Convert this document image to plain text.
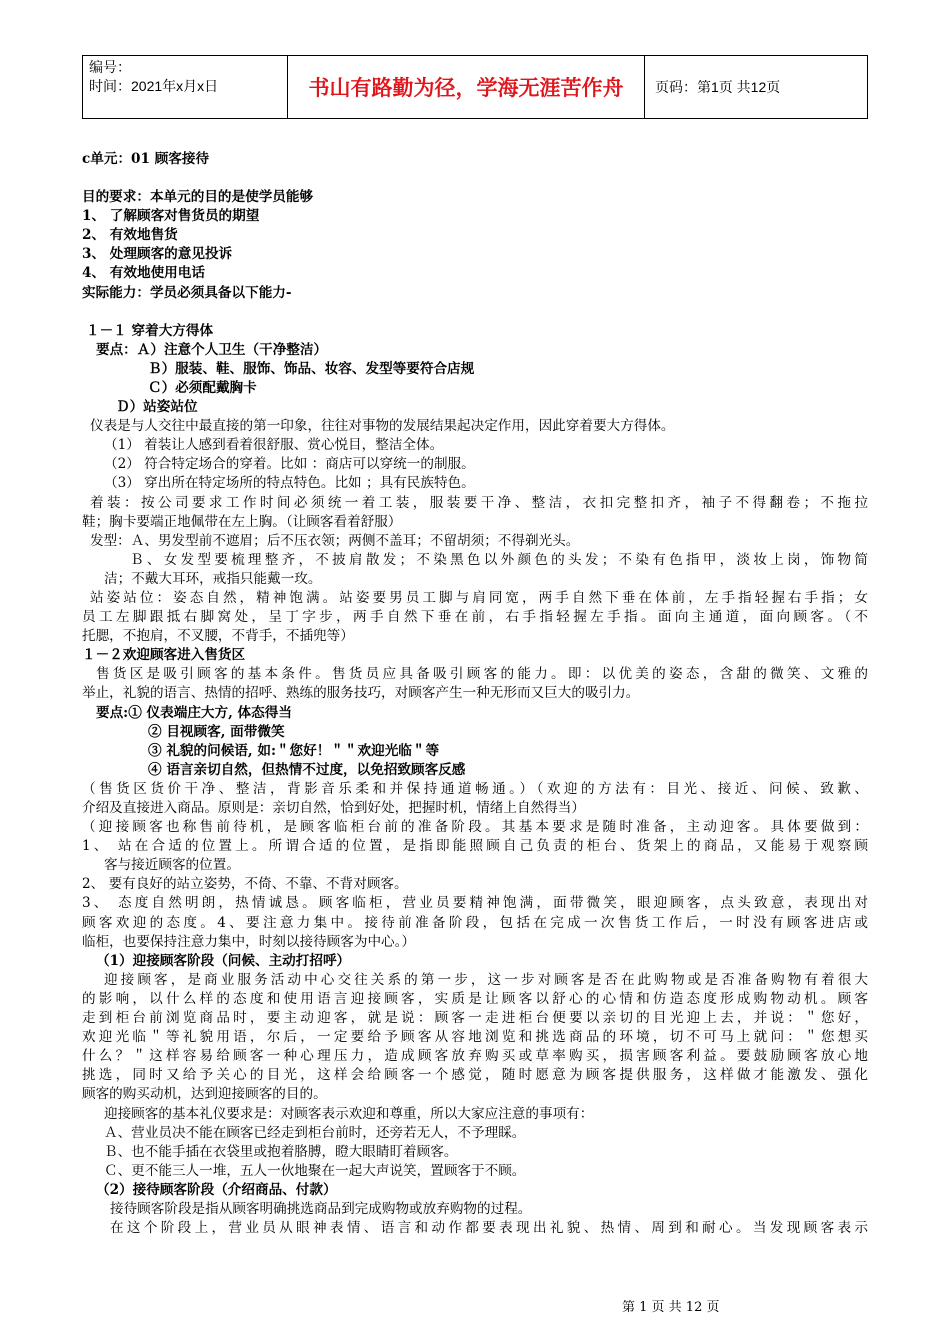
编号：
时间：2021年x月x日	书山有路勤为径，学海无涯苦作舟	页码：第1页 共12页
c单元：01 顾客接待
目的要求：本单元的目的是使学员能够
1、 了解顾客对售货员的期望
2、 有效地售货
3、 处理顾客的意见投诉
4、 有效地使用电话
实际能力：学员必须具备以下能力-
１－１ 穿着大方得体
要点：Ａ）注意个人卫生（干净整洁）
Ｂ）服装、鞋、服饰、饰品、妆容、发型等要符合店规
Ｃ）必须配戴胸卡
Ｄ）站姿站位
仪表是与人交往中最直接的第一印象，往往对事物的发展结果起决定作用，因此穿着要大方得体。
（1） 着装让人感到看着很舒服、赏心悦目，整洁全体。
（2） 符合特定场合的穿着。比如 ：商店可以穿统一的制服。
（3） 穿出所在特定场所的特点特色。比如 ；具有民族特色。
着装：按公司要求工作时间必须统一着工装，服装要干净、整洁，衣扣完整扣齐，袖子不得翻卷；不拖拉
鞋；胸卡要端正地佩带在左上胸。（让顾客看着舒服）
发型：Ａ、男发型前不遮眉；后不压衣领；两侧不盖耳；不留胡须；不得剃光头。
Ｂ、女发型要梳理整齐，不披肩散发；不染黑色以外颜色的头发；不染有色指甲，淡妆上岗，饰物简
洁；不戴大耳环，戒指只能戴一玫。
站姿站位：姿态自然，精神饱满。站姿要男员工脚与肩同宽，两手自然下垂在体前，左手指轻握右手指；女
员工左脚跟抵右脚窝处，呈丁字步，两手自然下垂在前，右手指轻握左手指。面向主通道，面向顾客。（不
托腮，不抱肩，不叉腰，不背手，不插兜等）
１－２欢迎顾客进入售货区
售货区是吸引顾客的基本条件。售货员应具备吸引顾客的能力。即：以优美的姿态，含甜的微笑、文雅的
举止，礼貌的语言、热情的招呼、熟练的服务技巧，对顾客产生一种无形而又巨大的吸引力。
要点:① 仪表端庄大方, 体态得当
② 目视顾客, 面带微笑
③ 礼貌的问候语, 如:＂您好！＂＂欢迎光临＂等
④ 语言亲切自然，但热情不过度，以免招致顾客反感
（售货区货价干净、整洁，背影音乐柔和并保持通道畅通。）（欢迎的方法有：目光、接近、问候、致歉、
介绍及直接进入商品。原则是：亲切自然，恰到好处，把握时机，情绪上自然得当）
（迎接顾客也称售前待机，是顾客临柜台前的准备阶段。其基本要求是随时准备，主动迎客。具体要做到：
1、 站在合适的位置上。所谓合适的位置，是指即能照顾自己负责的柜台、货架上的商品，又能易于观察顾
客与接近顾客的位置。
2、 要有良好的站立姿势，不倚、不靠、不背对顾客。
3、 态度自然明朗，热情诚恳。顾客临柜，营业员要精神饱满，面带微笑，眼迎顾客，点头致意，表现出对
顾客欢迎的态度。4、要注意力集中。接待前准备阶段，包括在完成一次售货工作后，一时没有顾客进店或
临柜，也要保持注意力集中，时刻以接待顾客为中心。）
（1）迎接顾客阶段（问候、主动打招呼）
迎接顾客，是商业服务活动中心交往关系的第一步，这一步对顾客是否在此购物或是否准备购物有着很大
的影响，以什么样的态度和使用语言迎接顾客，实质是让顾客以舒心的心情和仿造态度形成购物动机。顾客
走到柜台前浏览商品时，要主动迎客，就是说：顾客一走进柜台便要以亲切的目光迎上去，并说：＂您好，
欢迎光临＂等礼貌用语，尔后，一定要给予顾客从容地浏览和挑选商品的环境，切不可马上就问：＂您想买
什么？＂这样容易给顾客一种心理压力，造成顾客放弃购买或草率购买，损害顾客利益。要鼓励顾客放心地
挑选，同时又给予关心的目光，这样会给顾客一个感觉，随时愿意为顾客提供服务，这样做才能激发、强化
顾客的购买动机，达到迎接顾客的目的。
迎接顾客的基本礼仪要求是：对顾客表示欢迎和尊重，所以大家应注意的事项有：
Ａ、营业员决不能在顾客已经走到柜台前时，还旁若无人，不予理睬。
Ｂ、也不能手插在衣袋里或抱着胳膊，瞪大眼睛盯着顾客。
Ｃ、更不能三人一堆，五人一伙地聚在一起大声说笑，置顾客于不顾。
（2）接待顾客阶段（介绍商品、付款）
接待顾客阶段是指从顾客明确挑选商品到完成购物或放弃购物的过程。
在这个阶段上，营业员从眼神表情、语言和动作都要表现出礼貌、热情、周到和耐心。当发现顾客表示
第 1 页 共 12 页
